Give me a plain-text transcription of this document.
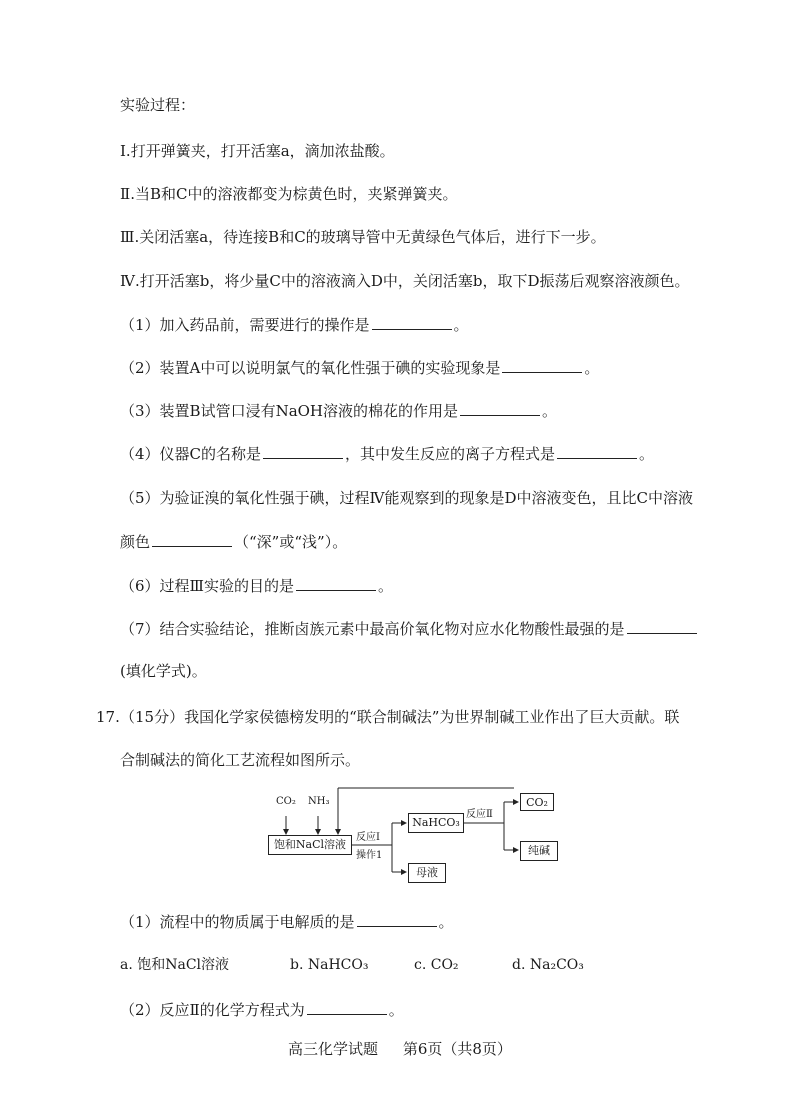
实验过程：
Ⅰ.打开弹簧夹，打开活塞a，滴加浓盐酸。
Ⅱ.当B和C中的溶液都变为棕黄色时，夹紧弹簧夹。
Ⅲ.关闭活塞a，待连接B和C的玻璃导管中无黄绿色气体后，进行下一步。
Ⅳ.打开活塞b，将少量C中的溶液滴入D中，关闭活塞b，取下D振荡后观察溶液颜色。
（1）加入药品前，需要进行的操作是	。
（2）装置A中可以说明氯气的氧化性强于碘的实验现象是	。
（3）装置B试管口浸有NaOH溶液的棉花的作用是	。
（4）仪器C的名称是	，其中发生反应的离子方程式是	。
（5）为验证溴的氧化性强于碘，过程Ⅳ能观察到的现象是D中溶液变色，且比C中溶液
颜色	（“深”或“浅”）。
（6）过程Ⅲ实验的目的是	。
（7）结合实验结论，推断卤族元素中最高价氧化物对应水化物酸性最强的是
(填化学式)。
17. （15分）我国化学家侯德榜发明的“联合制碱法”为世界制碱工业作出了巨大贡献。联
合制碱法的简化工艺流程如图所示。
CO₂ NH₃
饱和NaCl溶液
反应Ⅰ
操作1
NaHCO₃
反应Ⅱ
CO₂
纯碱
母液
（1）流程中的物质属于电解质的是	。
a. 饱和NaCl溶液	b. NaHCO₃	c. CO₂	d. Na₂CO₃
（2）反应Ⅱ的化学方程式为	。
高三化学试题 第6页（共8页）
